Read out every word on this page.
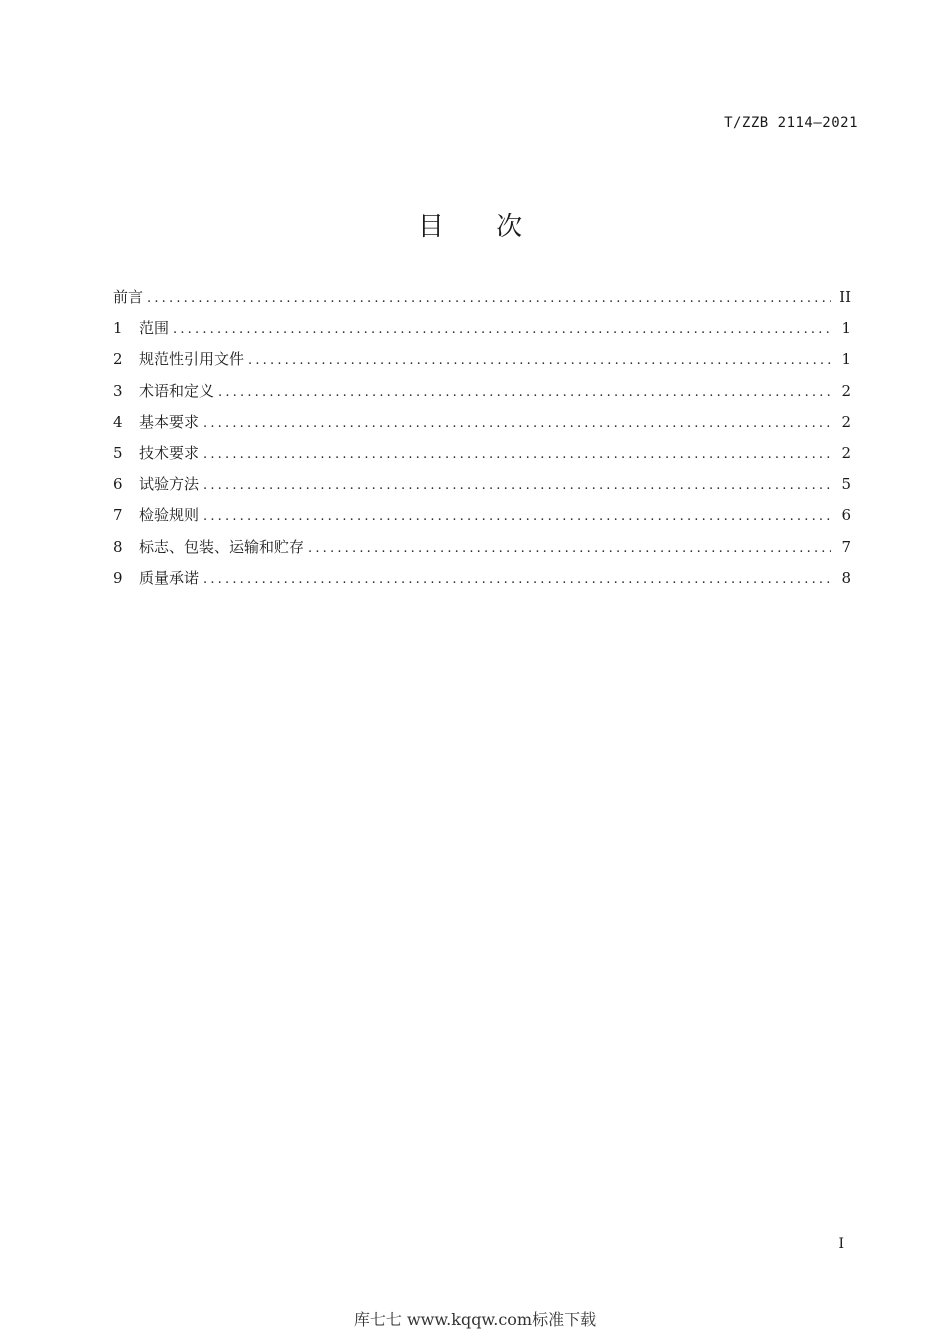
T/ZZB 2114—2021
目 次
前言 .....	II
1	范围 .....	1
2	规范性引用文件 .....	1
3	术语和定义 .....	2
4	基本要求 .....	2
5	技术要求 .....	2
6	试验方法 .....	5
7	检验规则 .....	6
8	标志、包装、运输和贮存 .....	7
9	质量承诺 .....	8
I
库七七 www.kqqw.com标准下载
